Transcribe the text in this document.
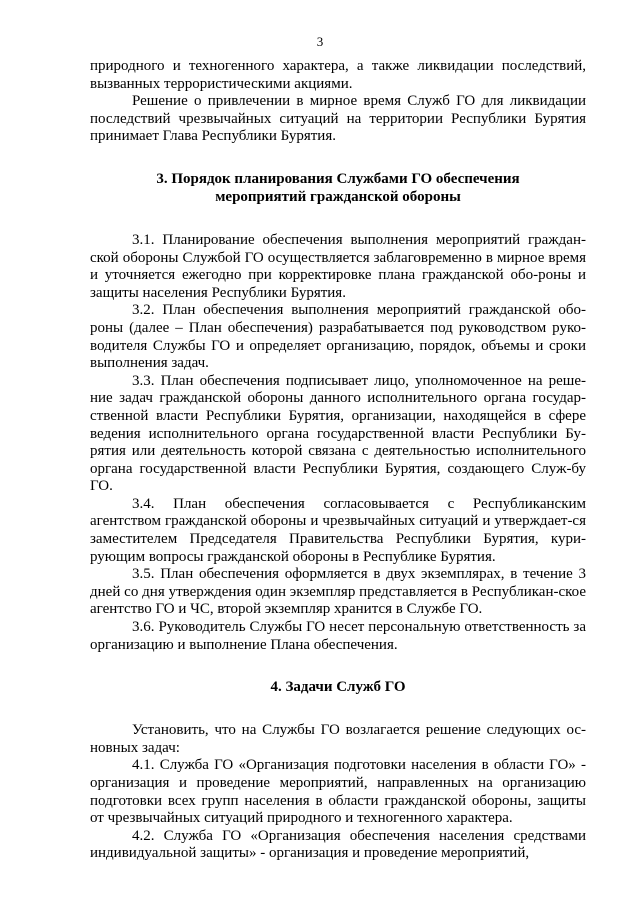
3

природного и техногенного характера, а также ликвидации последствий, вызванных террористическими акциями.

Решение о привлечении в мирное время Служб ГО для ликвидации последствий чрезвычайных ситуаций на территории Республики Бурятия принимает Глава Республики Бурятия.

3. Порядок планирования Службами ГО обеспечения
мероприятий гражданской обороны

3.1. Планирование обеспечения выполнения мероприятий граждан-ской обороны Службой ГО осуществляется заблаговременно в мирное время и уточняется ежегодно при корректировке плана гражданской обо-роны и защиты населения Республики Бурятия.

3.2. План обеспечения выполнения мероприятий гражданской обо-роны (далее – План обеспечения) разрабатывается под руководством руко-водителя Службы ГО и определяет организацию, порядок, объемы и сроки выполнения задач.

3.3. План обеспечения подписывает лицо, уполномоченное на реше-ние задач гражданской обороны данного исполнительного органа государ-ственной власти Республики Бурятия, организации, находящейся в сфере ведения исполнительного органа государственной власти Республики Бу-рятия или деятельность которой связана с деятельностью исполнительного органа государственной власти Республики Бурятия, создающего Служ-бу ГО.

3.4. План обеспечения согласовывается с Республиканским агентством гражданской обороны и чрезвычайных ситуаций и утверждает-ся заместителем Председателя Правительства Республики Бурятия, кури-рующим вопросы гражданской обороны в Республике Бурятия.

3.5. План обеспечения оформляется в двух экземплярах, в течение 3 дней со дня утверждения один экземпляр представляется в Республикан-ское агентство ГО и ЧС, второй экземпляр хранится в Службе ГО.

3.6. Руководитель Службы ГО несет персональную ответственность за организацию и выполнение Плана обеспечения.

4. Задачи Служб ГО

Установить, что на Службы ГО возлагается решение следующих ос-новных задач:

4.1. Служба ГО «Организация подготовки населения в области ГО» - организация и проведение мероприятий, направленных на организацию подготовки всех групп населения в области гражданской обороны, защиты от чрезвычайных ситуаций природного и техногенного характера.

4.2. Служба ГО «Организация обеспечения населения средствами индивидуальной защиты» - организация и проведение мероприятий,
